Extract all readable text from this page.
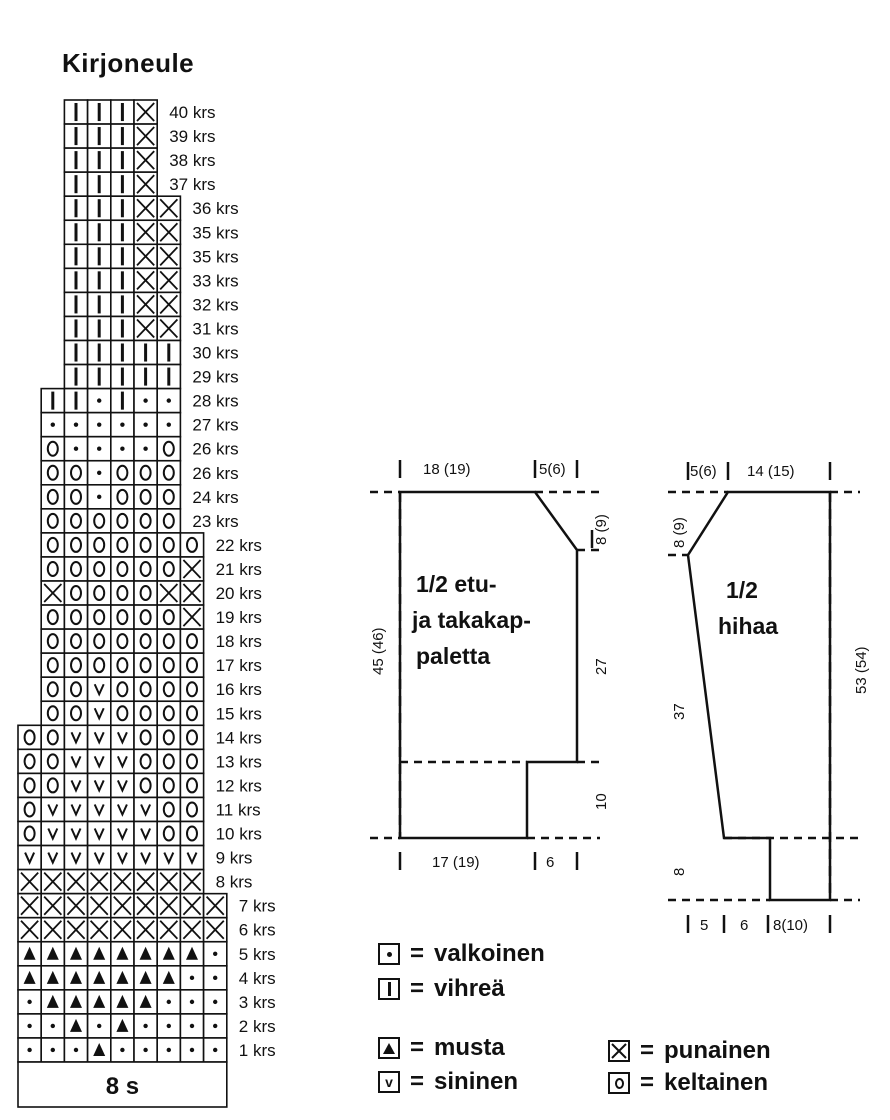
Kirjoneule
40 krs
39 krs
38 krs
37 krs
36 krs
35 krs
35 krs
33 krs
32 krs
31 krs
30 krs
29 krs
28 krs
27 krs
26 krs
26 krs
24 krs
23 krs
22 krs
21 krs
20 krs
19 krs
18 krs
17 krs
16 krs
15 krs
14 krs
13 krs
12 krs
11 krs
10 krs
9 krs
8 krs
7 krs
6 krs
5 krs
4 krs
3 krs
2 krs
1 krs
8 s
1/2 etu-
ja takakap-
paletta
18 (19)	5(6)
17 (19)	6
45 (46)
8 (9)
27
10
1/2
hihaa
5(6) 14 (15)
8 (9)
37
8
53 (54)
5 6 8(10)
= valkoinen
= vihreä
= musta
v = sininen
= punainen
= keltainen
